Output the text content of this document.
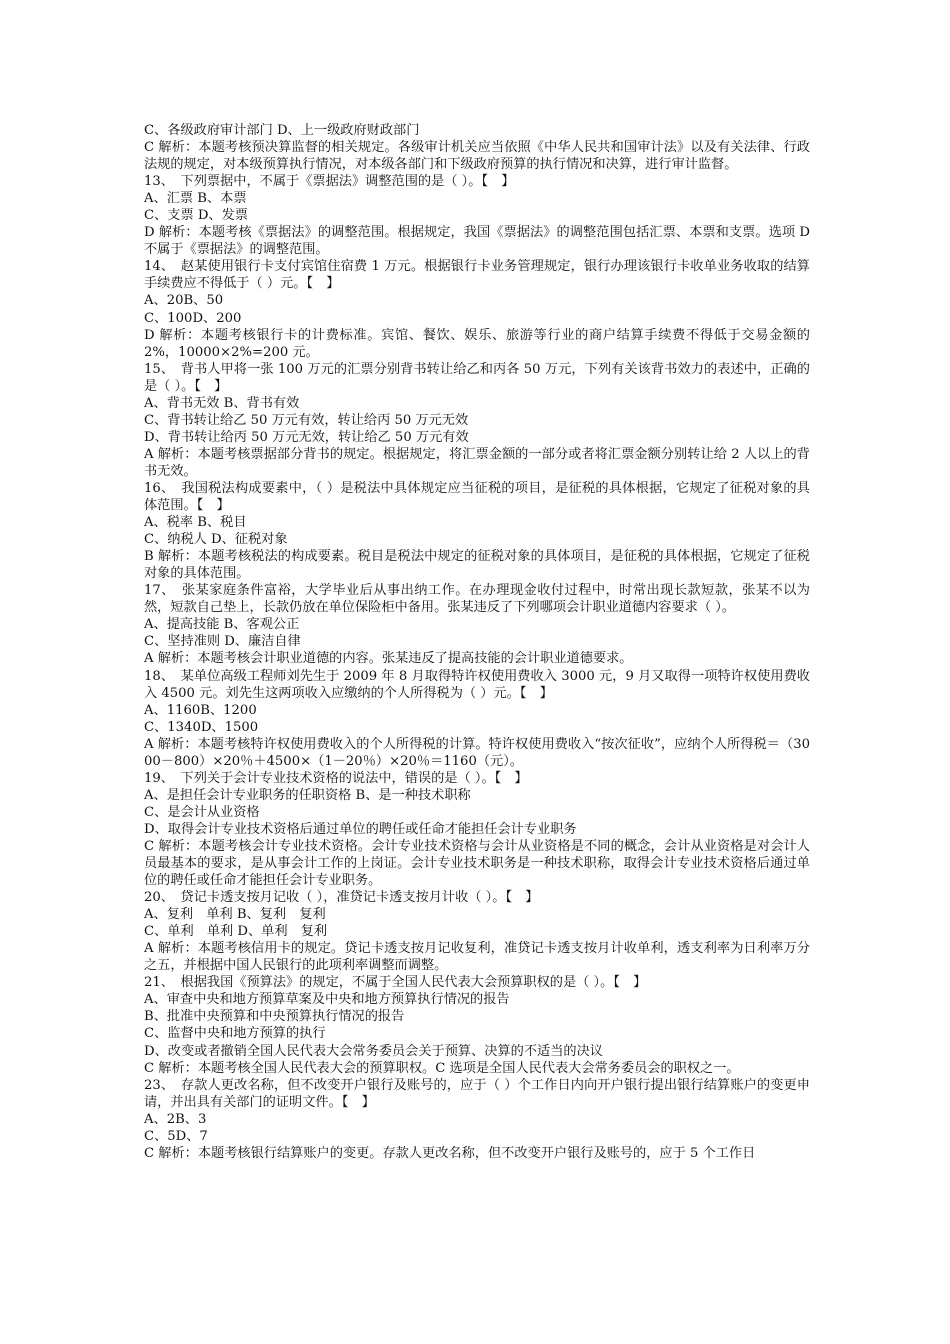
C、各级政府审计部门 D、上一级政府财政部门
C 解析：本题考核预决算监督的相关规定。各级审计机关应当依照《中华人民共和国审计法》以及有关法律、行政法规的规定，对本级预算执行情况，对本级各部门和下级政府预算的执行情况和决算，进行审计监督。
13、　下列票据中，不属于《票据法》调整范围的是（ ）。【　】
A、汇票 B、本票
C、支票 D、发票
D 解析：本题考核《票据法》的调整范围。根据规定，我国《票据法》的调整范围包括汇票、本票和支票。选项 D 不属于《票据法》的调整范围。
14、　赵某使用银行卡支付宾馆住宿费 1 万元。根据银行卡业务管理规定，银行办理该银行卡收单业务收取的结算手续费应不得低于（ ）元。【　】
A、20B、50
C、100D、200
D 解析：本题考核银行卡的计费标准。宾馆、餐饮、娱乐、旅游等行业的商户结算手续费不得低于交易金额的 2%，10000×2%=200 元。
15、　背书人甲将一张 100 万元的汇票分别背书转让给乙和丙各 50 万元，下列有关该背书效力的表述中，正确的是（ ）。【　】
A、背书无效 B、背书有效
C、背书转让给乙 50 万元有效，转让给丙 50 万元无效
D、背书转让给丙 50 万元无效，转让给乙 50 万元有效
A 解析：本题考核票据部分背书的规定。根据规定，将汇票金额的一部分或者将汇票金额分别转让给 2 人以上的背书无效。
16、　我国税法构成要素中，（ ）是税法中具体规定应当征税的项目，是征税的具体根据，它规定了征税对象的具体范围。【　】
A、税率 B、税目
C、纳税人 D、征税对象
B 解析：本题考核税法的构成要素。税目是税法中规定的征税对象的具体项目，是征税的具体根据，它规定了征税对象的具体范围。
17、　张某家庭条件富裕，大学毕业后从事出纳工作。在办理现金收付过程中，时常出现长款短款，张某不以为然，短款自己垫上，长款仍放在单位保险柜中备用。张某违反了下列哪项会计职业道德内容要求（ ）。
A、提高技能 B、客观公正
C、坚持准则 D、廉洁自律
A 解析：本题考核会计职业道德的内容。张某违反了提高技能的会计职业道德要求。
18、　某单位高级工程师刘先生于 2009 年 8 月取得特许权使用费收入 3000 元，9 月又取得一项特许权使用费收入 4500 元。刘先生这两项收入应缴纳的个人所得税为（ ）元。【　】
A、1160B、1200
C、1340D、1500
A 解析：本题考核特许权使用费收入的个人所得税的计算。特许权使用费收入“按次征收”，应纳个人所得税＝（3000－800）×20％＋4500×（1－20％）×20％＝1160（元）。
19、　下列关于会计专业技术资格的说法中，错误的是（ ）。【　】
A、是担任会计专业职务的任职资格 B、是一种技术职称
C、是会计从业资格
D、取得会计专业技术资格后通过单位的聘任或任命才能担任会计专业职务
C 解析：本题考核会计专业技术资格。会计专业技术资格与会计从业资格是不同的概念，会计从业资格是对会计人员最基本的要求，是从事会计工作的上岗证。会计专业技术职务是一种技术职称，取得会计专业技术资格后通过单位的聘任或任命才能担任会计专业职务。
20、　贷记卡透支按月记收（ ），准贷记卡透支按月计收（ ）。【　】
A、复利　单利 B、复利　复利
C、单利　单利 D、单利　复利
A 解析：本题考核信用卡的规定。贷记卡透支按月记收复利，准贷记卡透支按月计收单利，透支利率为日利率万分之五，并根据中国人民银行的此项利率调整而调整。
21、　根据我国《预算法》的规定，不属于全国人民代表大会预算职权的是（ ）。【　】
A、审查中央和地方预算草案及中央和地方预算执行情况的报告
B、批准中央预算和中央预算执行情况的报告
C、监督中央和地方预算的执行
D、改变或者撤销全国人民代表大会常务委员会关于预算、决算的不适当的决议
C 解析：本题考核全国人民代表大会的预算职权。C 选项是全国人民代表大会常务委员会的职权之一。
23、　存款人更改名称，但不改变开户银行及账号的，应于（ ）个工作日内向开户银行提出银行结算账户的变更申请，并出具有关部门的证明文件。【　】
A、2B、3
C、5D、7
C 解析：本题考核银行结算账户的变更。存款人更改名称，但不改变开户银行及账号的，应于 5 个工作日
